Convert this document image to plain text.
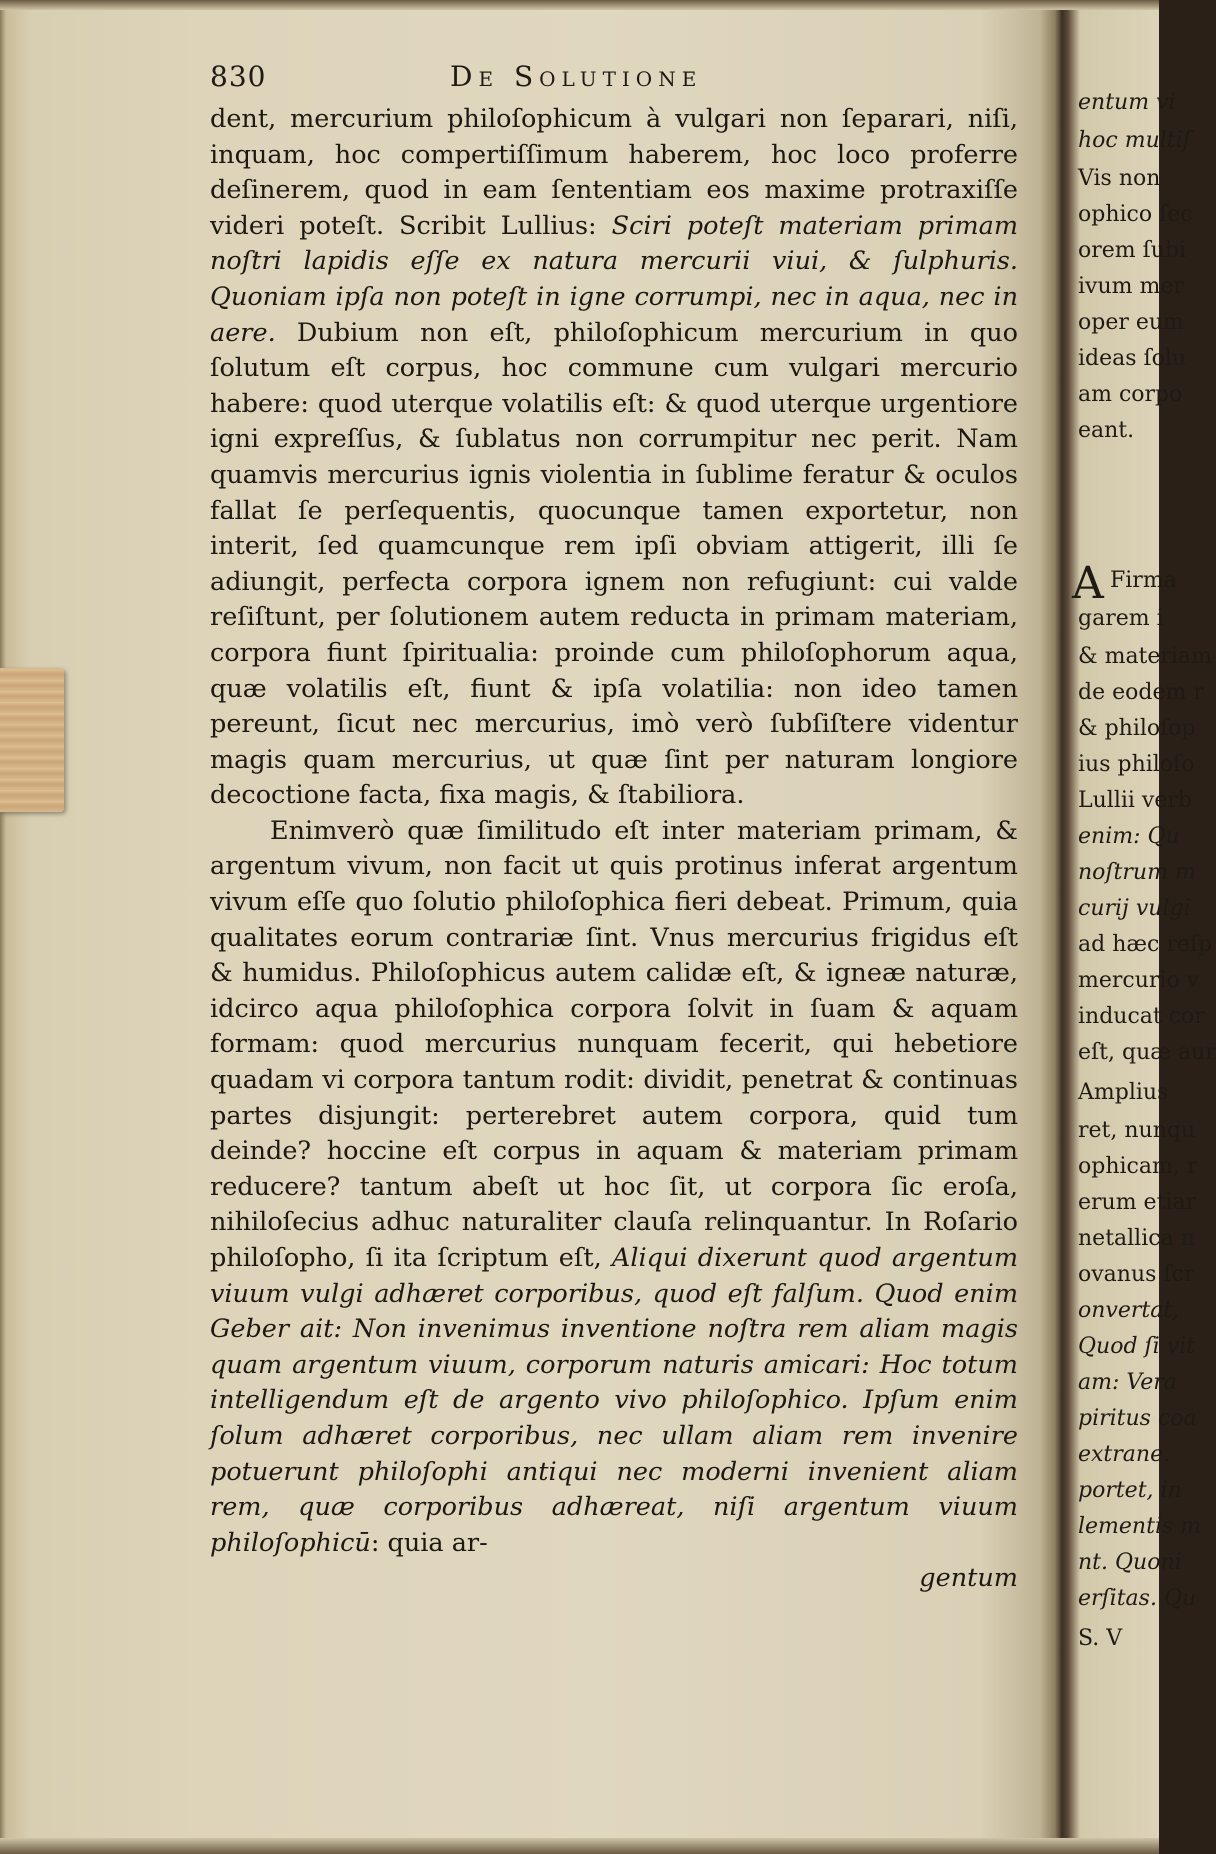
830	De Solutione

dent, mercurium philoſophicum à vulgari non ſeparari, niſi, inquam, hoc compertiſſimum haberem, hoc loco proferre deſinerem, quod in eam ſententiam eos maxime protraxiſſe videri poteſt. Scribit Lullius: Sciri poteſt materiam primam noſtri lapidis eſſe ex natura mercurii viui, & ſulphuris. Quoniam ipſa non poteſt in igne corrumpi, nec in aqua, nec in aere. Dubium non eſt, philoſophicum mercurium in quo ſolutum eſt corpus, hoc commune cum vulgari mercurio habere: quod uterque volatilis eſt: & quod uterque urgentiore igni expreſſus, & ſublatus non corrumpitur nec perit. Nam quamvis mercurius ignis violentia in ſublime feratur & oculos fallat ſe perſequentis, quocunque tamen exportetur, non interit, ſed quamcunque rem ipſi obviam attigerit, illi ſe adiungit, perfecta corpora ignem non refugiunt: cui valde reſiſtunt, per ſolutionem autem reducta in primam materiam, corpora fiunt ſpiritualia: proinde cum philoſophorum aqua, quæ volatilis eſt, fiunt & ipſa volatilia: non ideo tamen pereunt, ſicut nec mercurius, imò verò ſubſiſtere videntur magis quam mercurius, ut quæ ſint per naturam longiore decoctione facta, fixa magis, & ſtabiliora.

Enimverò quæ ſimilitudo eſt inter materiam primam, & argentum vivum, non facit ut quis protinus inferat argentum vivum eſſe quo ſolutio philoſophica fieri debeat. Primum, quia qualitates eorum contrariæ ſint. Vnus mercurius frigidus eſt & humidus. Philoſophicus autem calidæ eſt, & igneæ naturæ, idcirco aqua philoſophica corpora ſolvit in ſuam & aquam formam: quod mercurius nunquam fecerit, qui hebetiore quadam vi corpora tantum rodit: dividit, penetrat & continuas partes disjungit: perterebret autem corpora, quid tum deinde? hoccine eſt corpus in aquam & materiam primam reducere? tantum abeſt ut hoc ſit, ut corpora ſic eroſa, nihiloſecius adhuc naturaliter clauſa relinquantur. In Roſario philoſopho, ſi ita ſcriptum eſt, Aliqui dixerunt quod argentum viuum vulgi adhæret corporibus, quod eſt falſum. Quod enim Geber ait: Non invenimus inventione noſtra rem aliam magis quam argentum viuum, corporum naturis amicari: Hoc totum intelligendum eſt de argento vivo philoſophico. Ipſum enim ſolum adhæret corporibus, nec ullam aliam rem invenire potuerunt philoſophi antiqui nec moderni invenient aliam rem, quæ corporibus adhæreat, niſi argentum viuum philoſophicū: quia ar-

gentum
A
entum vi
hoc multiſ
Vis non
ophico ſec
orem ſubi
ivum mer
oper eum
ideas ſolu
am corpo
eant.
Firma
garem i
& materiam
de eodem r
& philoſop
ius philoſo
Lullii verb
enim: Qu
noſtrum m
curij vulgi
ad hæc reſp
mercurio v
inducat cor
eſt, quæ aur
Amplius
ret, nunqu
ophicam, r
erum etiar
netallica n
ovanus ſcr
onvertat,
Quod ſi vit
am: Vera
piritus coa
extrane.
portet, in
lementis m
nt. Quoni
erſitas. Qu
S. V
